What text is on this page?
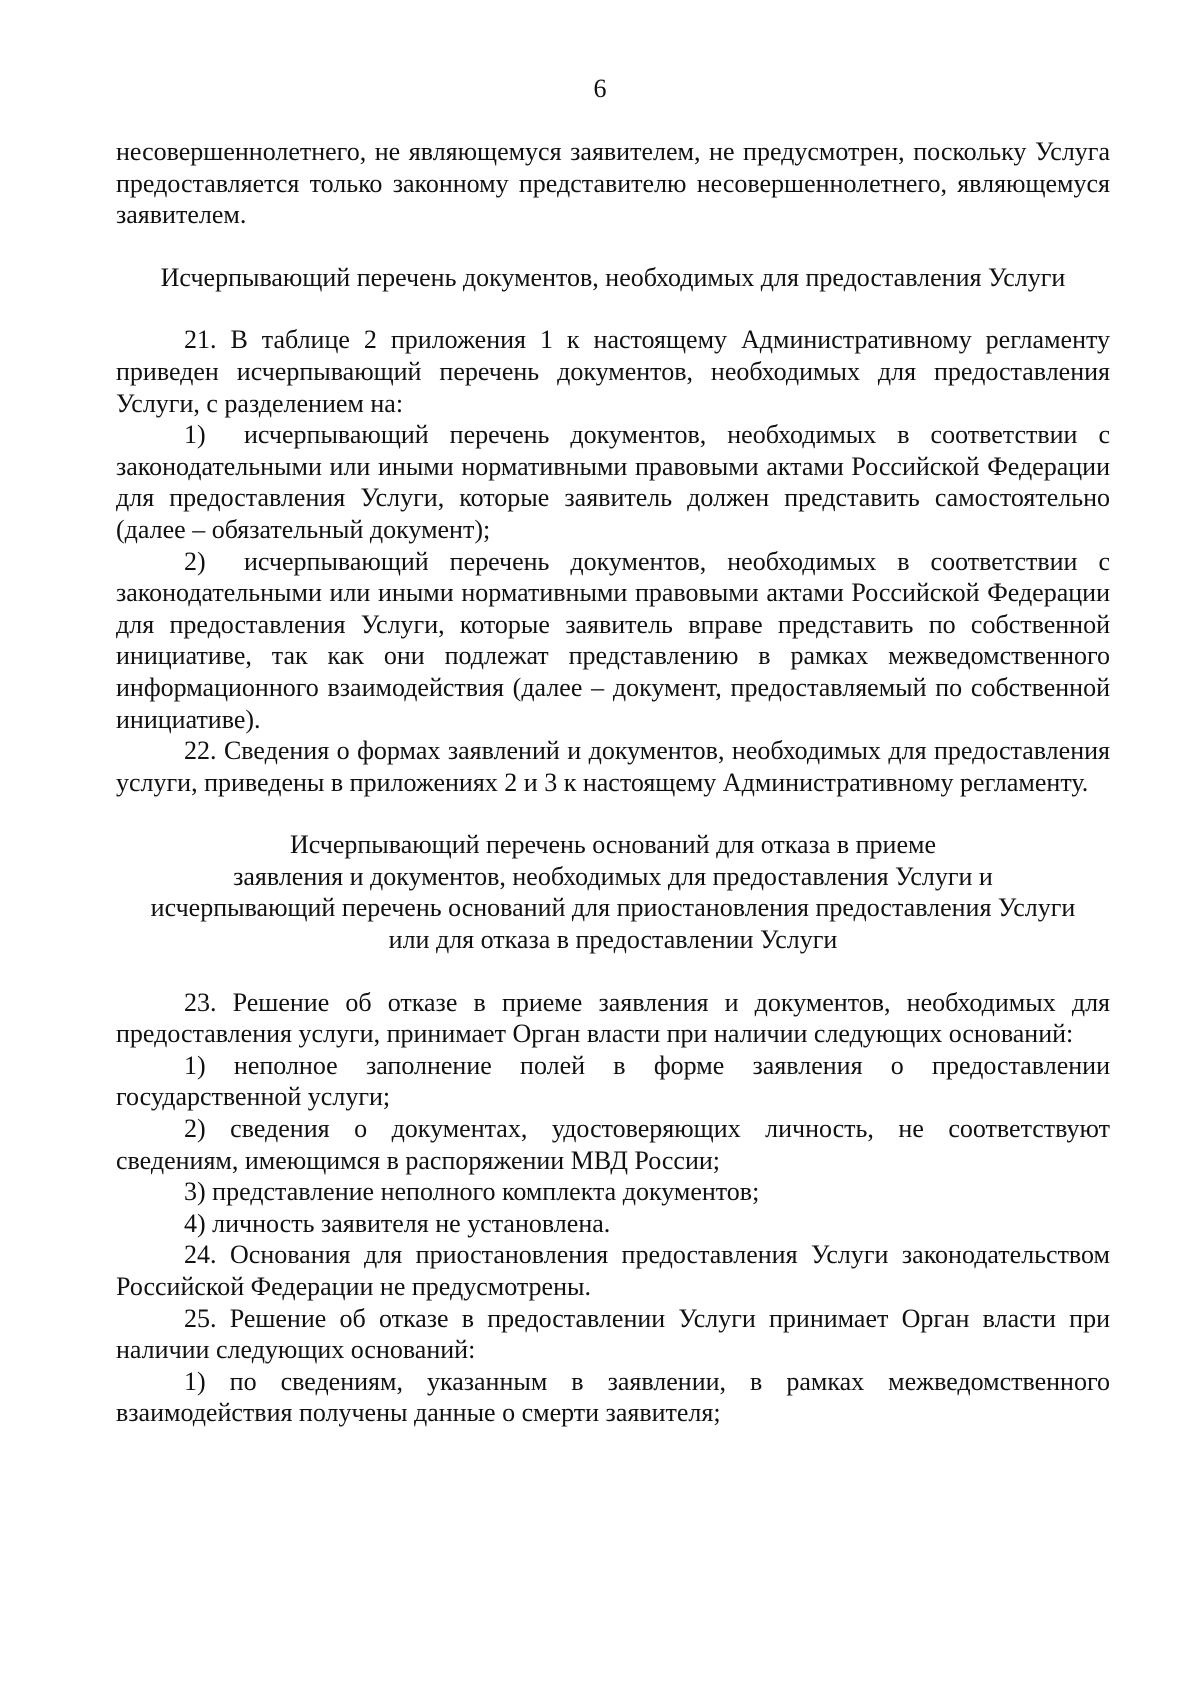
6

несовершеннолетнего, не являющемуся заявителем, не предусмотрен, поскольку Услуга предоставляется только законному представителю несовершеннолетнего, являющемуся заявителем.

Исчерпывающий перечень документов, необходимых для предоставления Услуги

21. В таблице 2 приложения 1 к настоящему Административному регламенту приведен исчерпывающий перечень документов, необходимых для предоставления Услуги, с разделением на:

1) исчерпывающий перечень документов, необходимых в соответствии с законодательными или иными нормативными правовыми актами Российской Федерации для предоставления Услуги, которые заявитель должен представить самостоятельно (далее – обязательный документ);

2) исчерпывающий перечень документов, необходимых в соответствии с законодательными или иными нормативными правовыми актами Российской Федерации для предоставления Услуги, которые заявитель вправе представить по собственной инициативе, так как они подлежат представлению в рамках межведомственного информационного взаимодействия (далее – документ, предоставляемый по собственной инициативе).

22. Сведения о формах заявлений и документов, необходимых для предоставления услуги, приведены в приложениях 2 и 3 к настоящему Административному регламенту.

Исчерпывающий перечень оснований для отказа в приеме

заявления и документов, необходимых для предоставления Услуги и

исчерпывающий перечень оснований для приостановления предоставления Услуги

или для отказа в предоставлении Услуги

23. Решение об отказе в приеме заявления и документов, необходимых для предоставления услуги, принимает Орган власти при наличии следующих оснований:

1) неполное заполнение полей в форме заявления о предоставлении государственной услуги;

2) сведения о документах, удостоверяющих личность, не соответствуют сведениям, имеющимся в распоряжении МВД России;

3) представление неполного комплекта документов;

4) личность заявителя не установлена.

24. Основания для приостановления предоставления Услуги законодательством Российской Федерации не предусмотрены.

25. Решение об отказе в предоставлении Услуги принимает Орган власти при наличии следующих оснований:

1) по сведениям, указанным в заявлении, в рамках межведомственного взаимодействия получены данные о смерти заявителя;
